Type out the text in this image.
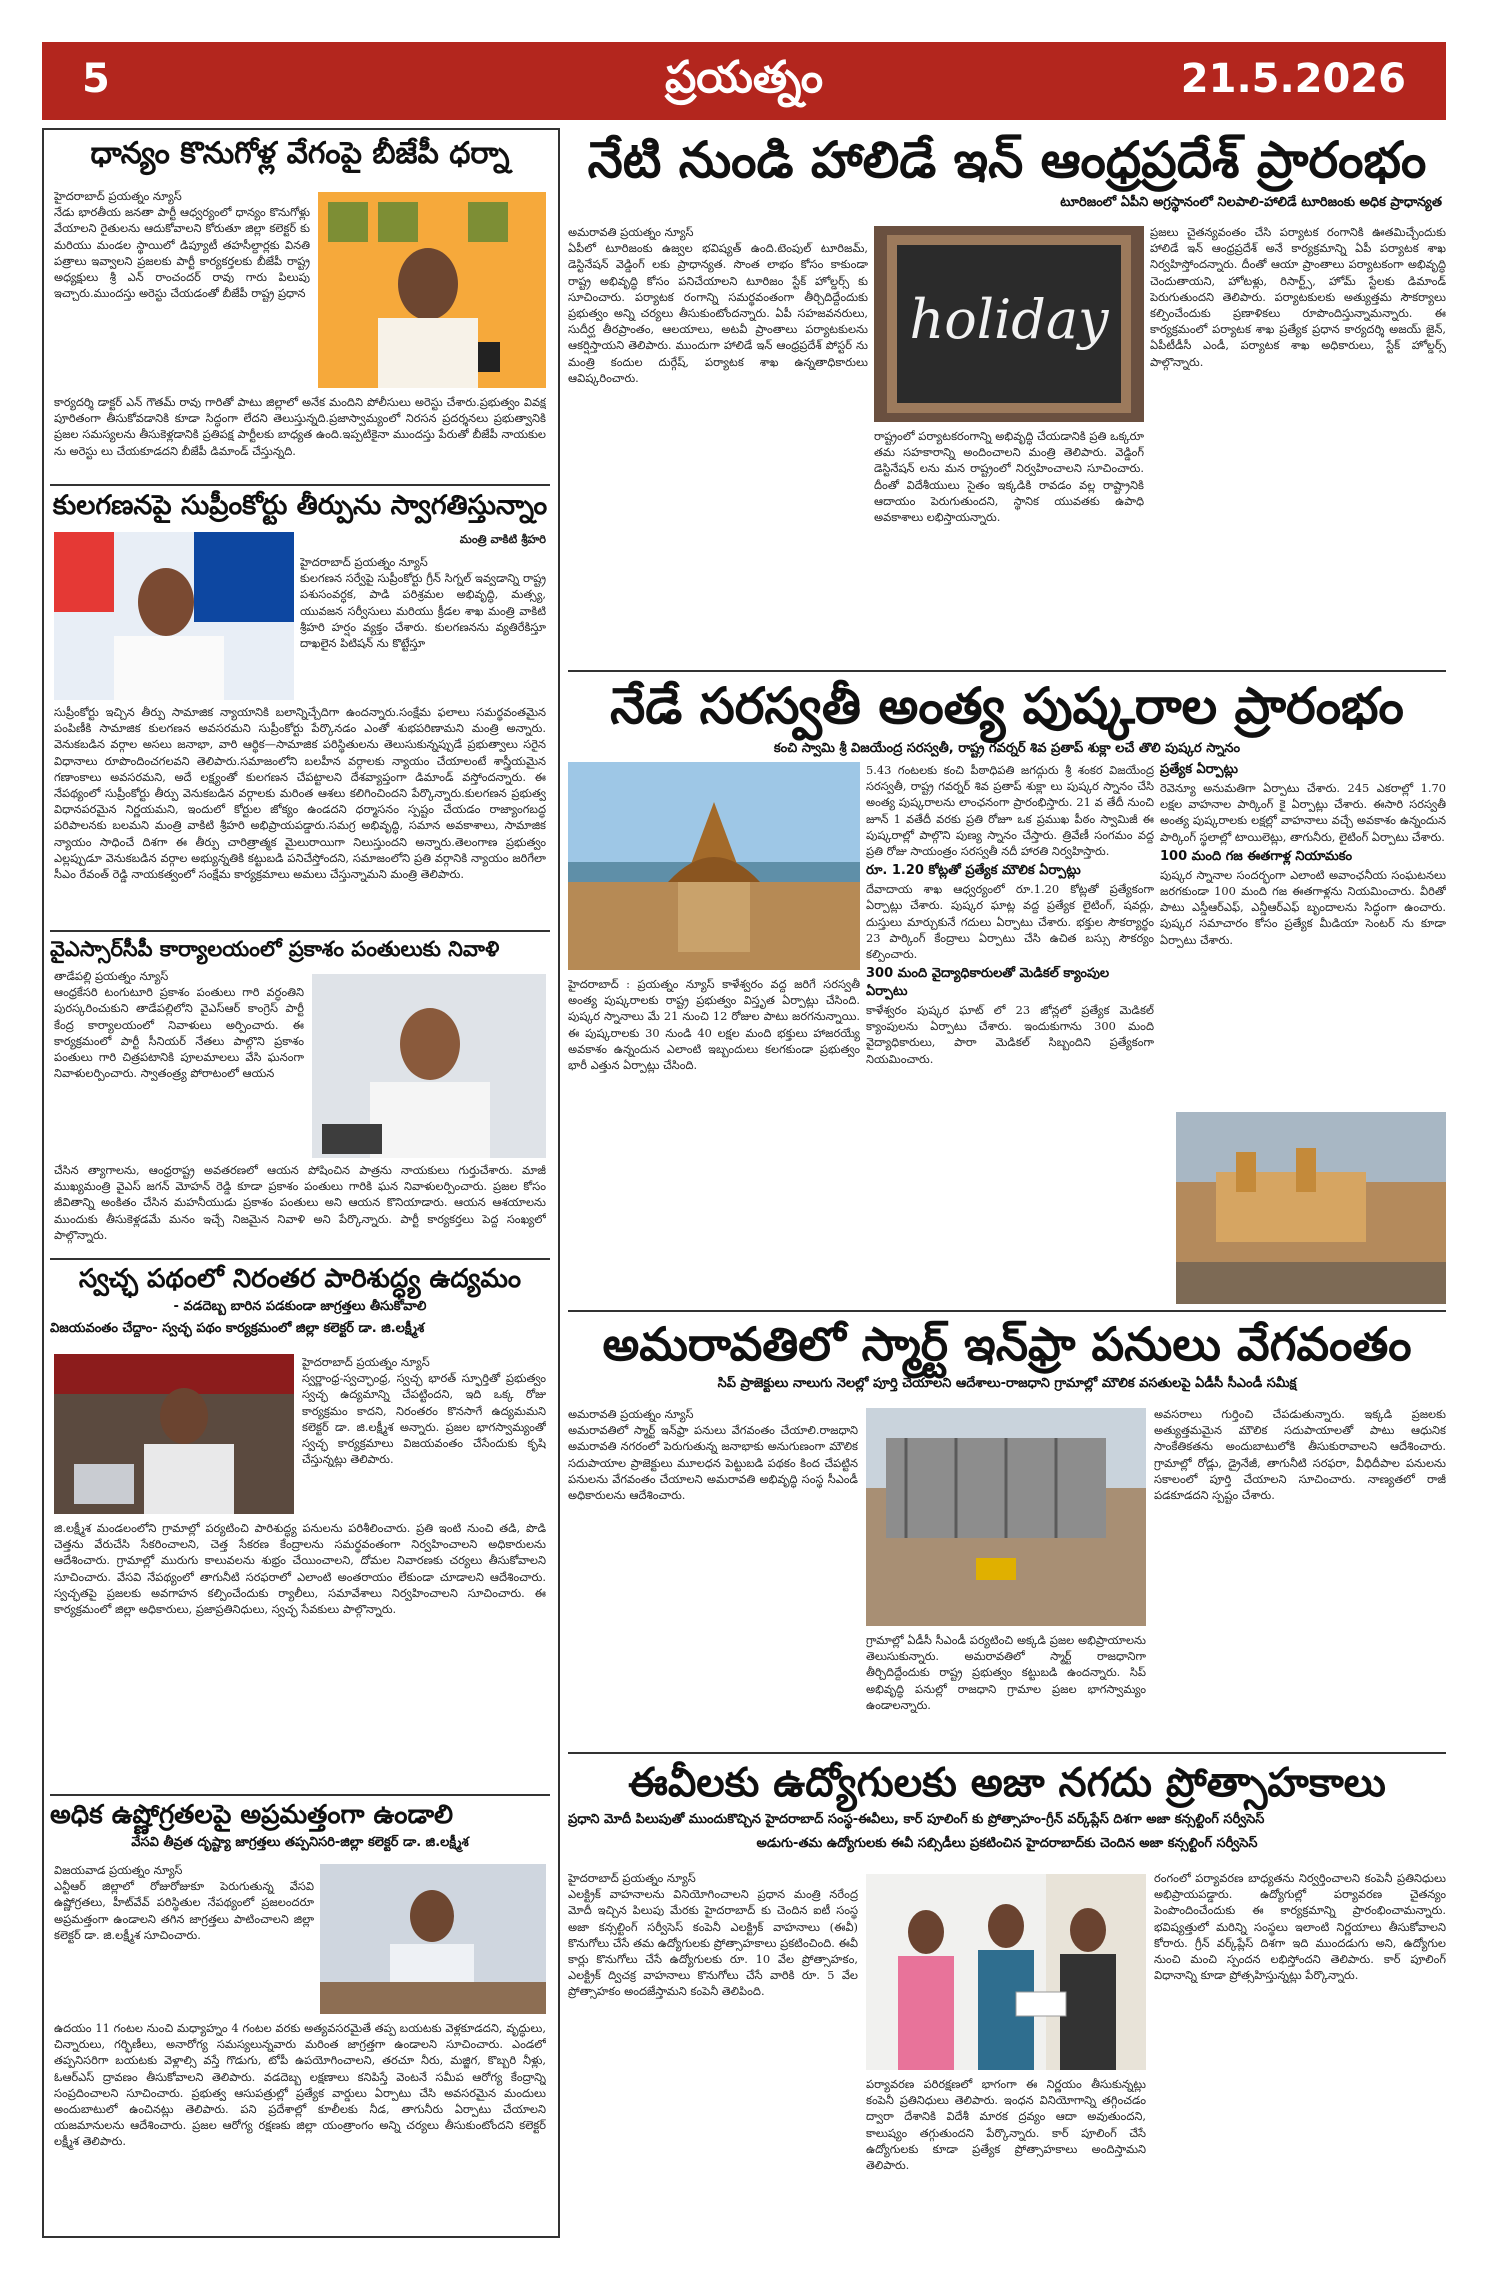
5	ప్రయత్నం	21.5.2026
ధాన్యం కొనుగోళ్ల వేగంపై బీజేపీ ధర్నా

హైదరాబాద్ ప్రయత్నం న్యూస్
నేడు భారతీయ జనతా పార్టీ ఆధ్వర్యంలో ధాన్యం కొనుగోళ్లు వేయాలని రైతులను ఆదుకోవాలని కోరుతూ జిల్లా కలెక్టర్ కు మరియు మండల స్థాయిలో డిప్యూటీ తహసీల్దార్లకు వినతి పత్రాలు ఇవ్వాలని ప్రజలకు పార్టీ కార్యకర్తలకు బీజేపీ రాష్ట్ర అధ్యక్షులు శ్రీ ఎన్ రాంచందర్ రావు గారు పిలుపు ఇచ్చారు.ముందస్తు అరెస్టు చేయడంతో బీజేపీ రాష్ట్ర ప్రధాన

కార్యదర్శి డాక్టర్ ఎన్ గౌతమ్ రావు గారితో పాటు జిల్లాలో అనేక మందిని పోలీసులు అరెస్టు చేశారు.ప్రభుత్వం వివక్ష పూరితంగా తీసుకోవడానికి కూడా సిద్ధంగా లేదని తెలుస్తున్నది.ప్రజాస్వామ్యంలో నిరసన ప్రదర్శనలు ప్రభుత్వానికి ప్రజల సమస్యలను తీసుకెళ్లడానికి ప్రతిపక్ష పార్టీలకు బాధ్యత ఉంది.ఇప్పటికైనా ముందస్తు పేరుతో బీజేపీ నాయకుల ను అరెస్టు లు చేయకూడదని బీజేపీ డిమాండ్ చేస్తున్నది.

కులగణనపై సుప్రీంకోర్టు తీర్పును స్వాగతిస్తున్నాం

మంత్రి వాకిటి శ్రీహరి

హైదరాబాద్ ప్రయత్నం న్యూస్
కులగణన సర్వేపై సుప్రీంకోర్టు గ్రీన్ సిగ్నల్ ఇవ్వడాన్ని రాష్ట్ర పశుసంవర్ధక, పాడి పరిశ్రమల అభివృద్ధి, మత్స్య, యువజన సర్వీసులు మరియు క్రీడల శాఖ మంత్రి వాకిటి శ్రీహరి హర్షం వ్యక్తం చేశారు. కులగణనను వ్యతిరేకిస్తూ దాఖలైన పిటిషన్ ను కొట్టేస్తూ

సుప్రీంకోర్టు ఇచ్చిన తీర్పు సామాజిక న్యాయానికి బలాన్నిచ్చేదిగా ఉందన్నారు.సంక్షేమ ఫలాలు సమర్థవంతమైన పంపిణీకి సామాజిక కులగణన అవసరమని సుప్రీంకోర్టు పేర్కొనడం ఎంతో శుభపరిణామని మంత్రి అన్నారు. వెనుకబడిన వర్గాల అసలు జనాభా, వారి ఆర్థిక—సామాజిక పరిస్థితులను తెలుసుకున్నప్పుడే ప్రభుత్వాలు సరైన విధానాలు రూపొందించగలవని తెలిపారు.సమాజంలోని బలహీన వర్గాలకు న్యాయం చేయాలంటే శాస్త్రీయమైన గణాంకాలు అవసరమని, అదే లక్ష్యంతో కులగణన చేపట్టాలని దేశవ్యాప్తంగా డిమాండ్ వస్తోందన్నారు. ఈ నేపథ్యంలో సుప్రీంకోర్టు తీర్పు వెనుకబడిన వర్గాలకు మరింత ఆశలు కలిగించిందని పేర్కొన్నారు.కులగణన ప్రభుత్వ విధానపరమైన నిర్ణయమని, ఇందులో కోర్టుల జోక్యం ఉండదని ధర్మాసనం స్పష్టం చేయడం రాజ్యాంగబద్ధ పరిపాలనకు బలమని మంత్రి వాకిటి శ్రీహరి అభిప్రాయపడ్డారు.సమగ్ర అభివృద్ధి, సమాన అవకాశాలు, సామాజిక న్యాయం సాధించే దిశగా ఈ తీర్పు చారిత్రాత్మక మైలురాయిగా నిలుస్తుందని అన్నారు.తెలంగాణ ప్రభుత్వం ఎల్లప్పుడూ వెనుకబడిన వర్గాల అభ్యున్నతికి కట్టుబడి పనిచేస్తోందని, సమాజంలోని ప్రతి వర్గానికి న్యాయం జరిగేలా సీఎం రేవంత్ రెడ్డి నాయకత్వంలో సంక్షేమ కార్యక్రమాలు అమలు చేస్తున్నామని మంత్రి తెలిపారు.

వైఎస్సార్‌సీపీ కార్యాలయంలో ప్రకాశం పంతులుకు నివాళి

తాడేపల్లి ప్రయత్నం న్యూస్
ఆంధ్రకేసరి టంగుటూరి ప్రకాశం పంతులు గారి వర్ధంతిని పురస్కరించుకుని తాడేపల్లిలోని వైఎస్ఆర్ కాంగ్రెస్ పార్టీ కేంద్ర కార్యాలయంలో నివాళులు అర్పించారు. ఈ కార్యక్రమంలో పార్టీ సీనియర్ నేతలు పాల్గొని ప్రకాశం పంతులు గారి చిత్రపటానికి పూలమాలలు వేసి ఘనంగా నివాళులర్పించారు. స్వాతంత్ర్య పోరాటంలో ఆయన

చేసిన త్యాగాలను, ఆంధ్రరాష్ట్ర అవతరణలో ఆయన పోషించిన పాత్రను నాయకులు గుర్తుచేశారు. మాజీ ముఖ్యమంత్రి వైఎస్ జగన్ మోహన్ రెడ్డి కూడా ప్రకాశం పంతులు గారికి ఘన నివాళులర్పించారు. ప్రజల కోసం జీవితాన్ని అంకితం చేసిన మహనీయుడు ప్రకాశం పంతులు అని ఆయన కొనియాడారు. ఆయన ఆశయాలను ముందుకు తీసుకెళ్లడమే మనం ఇచ్చే నిజమైన నివాళి అని పేర్కొన్నారు. పార్టీ కార్యకర్తలు పెద్ద సంఖ్యలో పాల్గొన్నారు.

స్వచ్ఛ పథంలో నిరంతర పారిశుద్ధ్య ఉద్యమం

- వడదెబ్బ బారిన పడకుండా జాగ్రత్తలు తీసుకోవాలి

విజయవంతం చేద్దాం- స్వచ్ఛ పథం కార్యక్రమంలో జిల్లా కలెక్టర్ డా. జి.లక్ష్మీశ

హైదరాబాద్ ప్రయత్నం న్యూస్
స్వర్ణాంధ్ర-స్వచ్ఛాంధ్ర, స్వచ్ఛ భారత్ స్ఫూర్తితో ప్రభుత్వం స్వచ్ఛ ఉద్యమాన్ని చేపట్టిందని, ఇది ఒక్క రోజు కార్యక్రమం కాదని, నిరంతరం కొనసాగే ఉద్యమమని కలెక్టర్ డా. జి.లక్ష్మీశ అన్నారు. ప్రజల భాగస్వామ్యంతో స్వచ్ఛ కార్యక్రమాలు విజయవంతం చేసేందుకు కృషి చేస్తున్నట్లు తెలిపారు.

జి.లక్ష్మీశ మండలంలోని గ్రామాల్లో పర్యటించి పారిశుద్ధ్య పనులను పరిశీలించారు. ప్రతి ఇంటి నుంచి తడి, పొడి చెత్తను వేరుచేసి సేకరించాలని, చెత్త సేకరణ కేంద్రాలను సమర్థవంతంగా నిర్వహించాలని అధికారులను ఆదేశించారు. గ్రామాల్లో మురుగు కాలువలను శుభ్రం చేయించాలని, దోమల నివారణకు చర్యలు తీసుకోవాలని సూచించారు. వేసవి నేపథ్యంలో తాగునీటి సరఫరాలో ఎలాంటి అంతరాయం లేకుండా చూడాలని ఆదేశించారు. స్వచ్ఛతపై ప్రజలకు అవగాహన కల్పించేందుకు ర్యాలీలు, సమావేశాలు నిర్వహించాలని సూచించారు. ఈ కార్యక్రమంలో జిల్లా అధికారులు, ప్రజాప్రతినిధులు, స్వచ్ఛ సేవకులు పాల్గొన్నారు.

అధిక ఉష్ణోగ్రతలపై అప్రమత్తంగా ఉండాలి

వేసవి తీవ్రత దృష్ట్యా జాగ్రత్తలు తప్పనిసరి-జిల్లా కలెక్టర్ డా. జి.లక్ష్మీశ

విజయవాడ ప్రయత్నం న్యూస్
ఎన్టీఆర్ జిల్లాలో రోజురోజుకూ పెరుగుతున్న వేసవి ఉష్ణోగ్రతలు, హీట్‌వేవ్ పరిస్థితుల నేపథ్యంలో ప్రజలందరూ అప్రమత్తంగా ఉండాలని తగిన జాగ్రత్తలు పాటించాలని జిల్లా కలెక్టర్ డా. జి.లక్ష్మీశ సూచించారు.

ఉదయం 11 గంటల నుంచి మధ్యాహ్నం 4 గంటల వరకు అత్యవసరమైతే తప్ప బయటకు వెళ్లకూడదని, వృద్ధులు, చిన్నారులు, గర్భిణీలు, అనారోగ్య సమస్యలున్నవారు మరింత జాగ్రత్తగా ఉండాలని సూచించారు. ఎండలో తప్పనిసరిగా బయటకు వెళ్లాల్సి వస్తే గొడుగు, టోపీ ఉపయోగించాలని, తరచూ నీరు, మజ్జిగ, కొబ్బరి నీళ్లు, ఓఆర్ఎస్ ద్రావణం తీసుకోవాలని తెలిపారు. వడదెబ్బ లక్షణాలు కనిపిస్తే వెంటనే సమీప ఆరోగ్య కేంద్రాన్ని సంప్రదించాలని సూచించారు. ప్రభుత్వ ఆసుపత్రుల్లో ప్రత్యేక వార్డులు ఏర్పాటు చేసి అవసరమైన మందులు అందుబాటులో ఉంచినట్లు తెలిపారు. పని ప్రదేశాల్లో కూలీలకు నీడ, తాగునీరు ఏర్పాటు చేయాలని యజమానులను ఆదేశించారు. ప్రజల ఆరోగ్య రక్షణకు జిల్లా యంత్రాంగం అన్ని చర్యలు తీసుకుంటోందని కలెక్టర్ లక్ష్మీశ తెలిపారు.

నేటి నుండి హాలిడే ఇన్ ఆంధ్రప్రదేశ్ ప్రారంభం

టూరిజంలో ఏపీని అగ్రస్థానంలో నిలపాలి-హాలిడే టూరిజంకు అధిక ప్రాధాన్యత

అమరావతి ప్రయత్నం న్యూస్
ఏపీలో టూరిజంకు ఉజ్వల భవిష్యత్ ఉంది.టెంపుల్ టూరిజమ్, డెస్టినేషన్ వెడ్డింగ్ లకు ప్రాధాన్యత. సొంత లాభం కోసం కాకుండా రాష్ట్ర అభివృద్ధి కోసం పనిచేయాలని టూరిజం స్టేక్ హోల్డర్స్ కు సూచించారు. పర్యాటక రంగాన్ని సమర్థవంతంగా తీర్చిదిద్దేందుకు ప్రభుత్వం అన్ని చర్యలు తీసుకుంటోందన్నారు. ఏపీ సహజవనరులు, సుదీర్ఘ తీరప్రాంతం, ఆలయాలు, అటవీ ప్రాంతాలు పర్యాటకులను ఆకర్షిస్తాయని తెలిపారు. ముందుగా హాలిడే ఇన్ ఆంధ్రప్రదేశ్ పోస్టర్ ను మంత్రి కందుల దుర్గేష్, పర్యాటక శాఖ ఉన్నతాధికారులు ఆవిష్కరించారు.

holiday

రాష్ట్రంలో పర్యాటకరంగాన్ని అభివృద్ధి చేయడానికి ప్రతి ఒక్కరూ తమ సహకారాన్ని అందించాలని మంత్రి తెలిపారు. వెడ్డింగ్ డెస్టినేషన్ లను మన రాష్ట్రంలో నిర్వహించాలని సూచించారు. దీంతో విదేశీయులు సైతం ఇక్కడికి రావడం వల్ల రాష్ట్రానికి ఆదాయం పెరుగుతుందని, స్థానిక యువతకు ఉపాధి అవకాశాలు లభిస్తాయన్నారు.

ప్రజలు చైతన్యవంతం చేసి పర్యాటక రంగానికి ఊతమిచ్చేందుకు హాలిడే ఇన్ ఆంధ్రప్రదేశ్ అనే కార్యక్రమాన్ని ఏపీ పర్యాటక శాఖ నిర్వహిస్తోందన్నారు. దీంతో ఆయా ప్రాంతాలు పర్యాటకంగా అభివృద్ధి చెందుతాయని, హోటళ్లు, రిసార్ట్స్, హోమ్ స్టేలకు డిమాండ్ పెరుగుతుందని తెలిపారు. పర్యాటకులకు అత్యుత్తమ సౌకర్యాలు కల్పించేందుకు ప్రణాళికలు రూపొందిస్తున్నామన్నారు. ఈ కార్యక్రమంలో పర్యాటక శాఖ ప్రత్యేక ప్రధాన కార్యదర్శి అజయ్ జైన్, ఏపీటీడీసీ ఎండీ, పర్యాటక శాఖ అధికారులు, స్టేక్ హోల్డర్స్ పాల్గొన్నారు.

నేడే సరస్వతీ అంత్య పుష్కరాల ప్రారంభం

కంచి స్వామి శ్రీ విజయేంద్ర సరస్వతీ, రాష్ట్ర గవర్నర్ శివ ప్రతాప్ శుక్లా లచే తొలి పుష్కర స్నానం

హైదరాబాద్ : ప్రయత్నం న్యూస్ కాళేశ్వరం వద్ద జరిగే సరస్వతీ అంత్య పుష్కరాలకు రాష్ట్ర ప్రభుత్వం విస్తృత ఏర్పాట్లు చేసింది. పుష్కర స్నానాలు మే 21 నుంచి 12 రోజుల పాటు జరగనున్నాయి. ఈ పుష్కరాలకు 30 నుండి 40 లక్షల మంది భక్తులు హాజరయ్యే అవకాశం ఉన్నందున ఎలాంటి ఇబ్బందులు కలగకుండా ప్రభుత్వం భారీ ఎత్తున ఏర్పాట్లు చేసింది.

5.43 గంటలకు కంచి పీఠాధిపతి జగద్గురు శ్రీ శంకర విజయేంద్ర సరస్వతీ, రాష్ట్ర గవర్నర్ శివ ప్రతాప్ శుక్లా లు పుష్కర స్నానం చేసి అంత్య పుష్కరాలను లాంఛనంగా ప్రారంభిస్తారు. 21 వ తేదీ నుంచి జూన్ 1 వతేదీ వరకు ప్రతి రోజూ ఒక ప్రముఖ పీఠం స్వామిజీ ఈ పుష్కరాల్లో పాల్గొని పుణ్య స్నానం చేస్తారు. త్రివేణీ సంగమం వద్ద ప్రతి రోజు సాయంత్రం సరస్వతీ నదీ హారతి నిర్వహిస్తారు.

రూ. 1.20 కోట్లతో ప్రత్యేక మౌలిక ఏర్పాట్లు

దేవాదాయ శాఖ ఆధ్వర్యంలో రూ.1.20 కోట్లతో ప్రత్యేకంగా ఏర్పాట్లు చేశారు. పుష్కర ఘాట్ల వద్ద ప్రత్యేక లైటింగ్, షవర్లు, దుస్తులు మార్చుకునే గదులు ఏర్పాటు చేశారు. భక్తుల సౌకర్యార్థం 23 పార్కింగ్ కేంద్రాలు ఏర్పాటు చేసి ఉచిత బస్సు సౌకర్యం కల్పించారు.

300 మంది వైద్యాధికారులతో మెడికల్ క్యాంపుల ఏర్పాటు

కాళేశ్వరం పుష్కర ఘాట్ లో 23 జోన్లలో ప్రత్యేక మెడికల్ క్యాంపులను ఏర్పాటు చేశారు. ఇందుకుగాను 300 మంది వైద్యాధికారులు, పారా మెడికల్ సిబ్బందిని ప్రత్యేకంగా నియమించారు.

ప్రత్యేక ఏర్పాట్లు

రెవెన్యూ అనుమతిగా ఏర్పాటు చేశారు. 245 ఎకరాల్లో 1.70 లక్షల వాహనాల పార్కింగ్ కై ఏర్పాట్లు చేశారు. ఈసారి సరస్వతీ అంత్య పుష్కరాలకు లక్షల్లో వాహనాలు వచ్చే అవకాశం ఉన్నందున పార్కింగ్ స్థలాల్లో టాయిలెట్లు, తాగునీరు, లైటింగ్ ఏర్పాటు చేశారు.

100 మంది గజ ఈతగాళ్ల నియామకం

పుష్కర స్నానాల సందర్భంగా ఎలాంటి అవాంఛనీయ సంఘటనలు జరగకుండా 100 మంది గజ ఈతగాళ్లను నియమించారు. వీరితో పాటు ఎస్డీఆర్ఎఫ్, ఎన్డీఆర్ఎఫ్ బృందాలను సిద్ధంగా ఉంచారు. పుష్కర సమాచారం కోసం ప్రత్యేక మీడియా సెంటర్ ను కూడా ఏర్పాటు చేశారు.

అమరావతిలో స్మార్ట్ ఇన్‌ఫ్రా పనులు వేగవంతం

సిప్ ప్రాజెక్టులు నాలుగు నెలల్లో పూర్తి చేయాలని ఆదేశాలు-రాజధాని గ్రామాల్లో మౌలిక వసతులపై ఏడీసీ సీఎండీ సమీక్ష

అమరావతి ప్రయత్నం న్యూస్
అమరావతిలో స్మార్ట్ ఇన్‌ఫ్రా పనులు వేగవంతం చేయాలి.రాజధాని అమరావతి నగరంలో పెరుగుతున్న జనాభాకు అనుగుణంగా మౌలిక సదుపాయాల ప్రాజెక్టులు మూలధన పెట్టుబడి పథకం కింద చేపట్టిన పనులను వేగవంతం చేయాలని అమరావతి అభివృద్ధి సంస్థ సీఎండీ అధికారులను ఆదేశించారు.

గ్రామాల్లో ఏడీసీ సీఎండీ పర్యటించి అక్కడి ప్రజల అభిప్రాయాలను తెలుసుకున్నారు. అమరావతిలో స్మార్ట్ రాజధానిగా తీర్చిదిద్దేందుకు రాష్ట్ర ప్రభుత్వం కట్టుబడి ఉందన్నారు. సిప్ అభివృద్ధి పనుల్లో రాజధాని గ్రామాల ప్రజల భాగస్వామ్యం ఉండాలన్నారు.

అవసరాలు గుర్తించి చేపడుతున్నారు. ఇక్కడి ప్రజలకు అత్యుత్తమమైన మౌలిక సదుపాయాలతో పాటు ఆధునిక సాంకేతికతను అందుబాటులోకి తీసుకురావాలని ఆదేశించారు. గ్రామాల్లో రోడ్లు, డ్రైనేజీ, తాగునీటి సరఫరా, వీధిదీపాల పనులను సకాలంలో పూర్తి చేయాలని సూచించారు. నాణ్యతలో రాజీ పడకూడదని స్పష్టం చేశారు.

ఈవీలకు ఉద్యోగులకు అజా నగదు ప్రోత్సాహకాలు

ప్రధాని మోదీ పిలుపుతో ముందుకొచ్చిన హైదరాబాద్ సంస్థ-ఈవీలు, కార్ పూలింగ్ కు ప్రోత్సాహం-గ్రీన్ వర్క్‌ప్లేస్ దిశగా అజా కన్సల్టింగ్ సర్వీసెస్

అడుగు-తమ ఉద్యోగులకు ఈవీ సబ్సిడీలు ప్రకటించిన హైదరాబాద్‌కు చెందిన అజా కన్సల్టింగ్ సర్వీసెస్

హైదరాబాద్ ప్రయత్నం న్యూస్
ఎలక్ట్రిక్ వాహనాలను వినియోగించాలని ప్రధాన మంత్రి నరేంద్ర మోదీ ఇచ్చిన పిలుపు మేరకు హైదరాబాద్ కు చెందిన ఐటీ సంస్థ అజా కన్సల్టింగ్ సర్వీసెస్ కంపెనీ ఎలక్ట్రిక్ వాహనాలు (ఈవీ) కొనుగోలు చేసే తమ ఉద్యోగులకు ప్రోత్సాహకాలు ప్రకటించింది. ఈవీ కార్లు కొనుగోలు చేసే ఉద్యోగులకు రూ. 10 వేల ప్రోత్సాహకం, ఎలక్ట్రిక్ ద్విచక్ర వాహనాలు కొనుగోలు చేసే వారికి రూ. 5 వేల ప్రోత్సాహకం అందజేస్తామని కంపెనీ తెలిపింది.

పర్యావరణ పరిరక్షణలో భాగంగా ఈ నిర్ణయం తీసుకున్నట్లు కంపెనీ ప్రతినిధులు తెలిపారు. ఇంధన వినియోగాన్ని తగ్గించడం ద్వారా దేశానికి విదేశీ మారక ద్రవ్యం ఆదా అవుతుందని, కాలుష్యం తగ్గుతుందని పేర్కొన్నారు. కార్ పూలింగ్ చేసే ఉద్యోగులకు కూడా ప్రత్యేక ప్రోత్సాహకాలు అందిస్తామని తెలిపారు.

రంగంలో పర్యావరణ బాధ్యతను నిర్వర్తించాలని కంపెనీ ప్రతినిధులు అభిప్రాయపడ్డారు. ఉద్యోగుల్లో పర్యావరణ చైతన్యం పెంపొందించేందుకు ఈ కార్యక్రమాన్ని ప్రారంభించామన్నారు. భవిష్యత్తులో మరిన్ని సంస్థలు ఇలాంటి నిర్ణయాలు తీసుకోవాలని కోరారు. గ్రీన్ వర్క్‌ప్లేస్ దిశగా ఇది ముందడుగు అని, ఉద్యోగుల నుంచి మంచి స్పందన లభిస్తోందని తెలిపారు. కార్ పూలింగ్ విధానాన్ని కూడా ప్రోత్సహిస్తున్నట్లు పేర్కొన్నారు.
